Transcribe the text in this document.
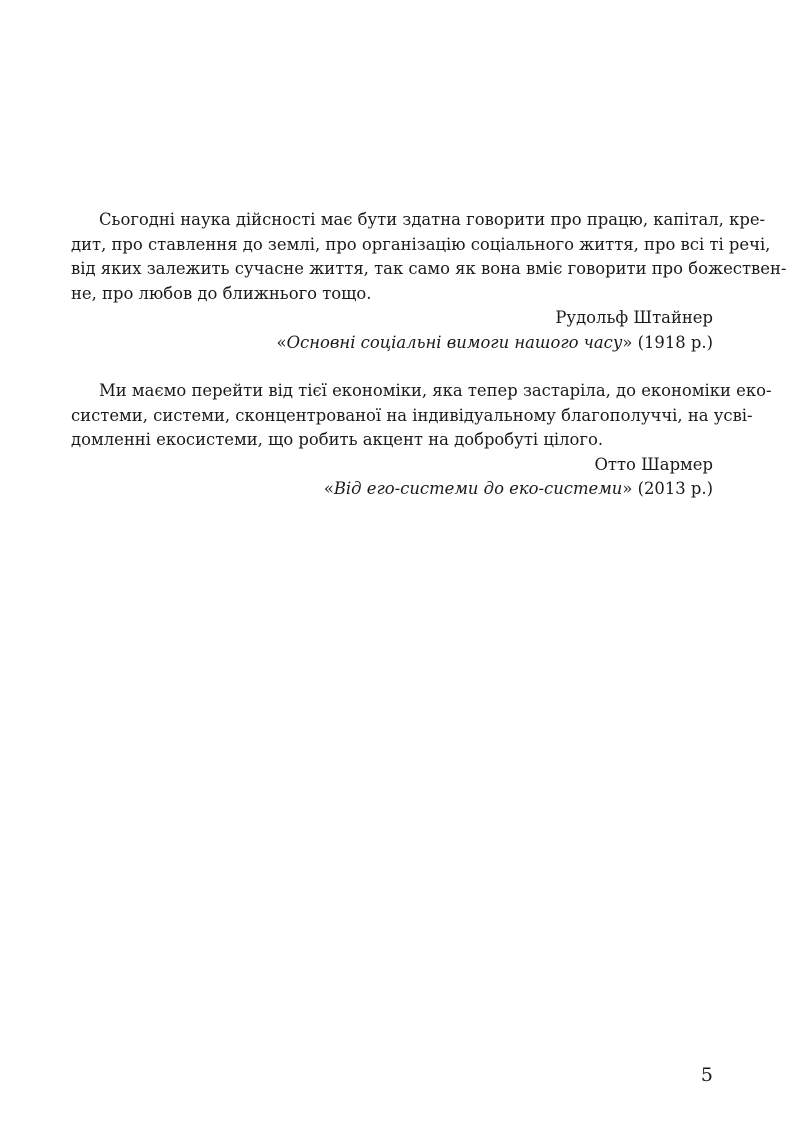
Сьогодні наука дійсності має бути здатна говорити про працю, капітал, кре-
дит, про ставлення до землі, про організацію соціального життя, про всі ті речі,
від яких залежить сучасне життя, так само як вона вміє говорити про божествен-
не, про любов до ближнього тощо.
Рудольф Штайнер
«Основні соціальні вимоги нашого часу» (1918 р.)
Ми маємо перейти від тієї економіки, яка тепер застаріла, до економіки еко-
системи, системи, сконцентрованої на індивідуальному благополуччі, на усві-
домленні екосистеми, що робить акцент на добробуті цілого.
Отто Шармер
«Від его-системи до еко-системи» (2013 р.)
5
